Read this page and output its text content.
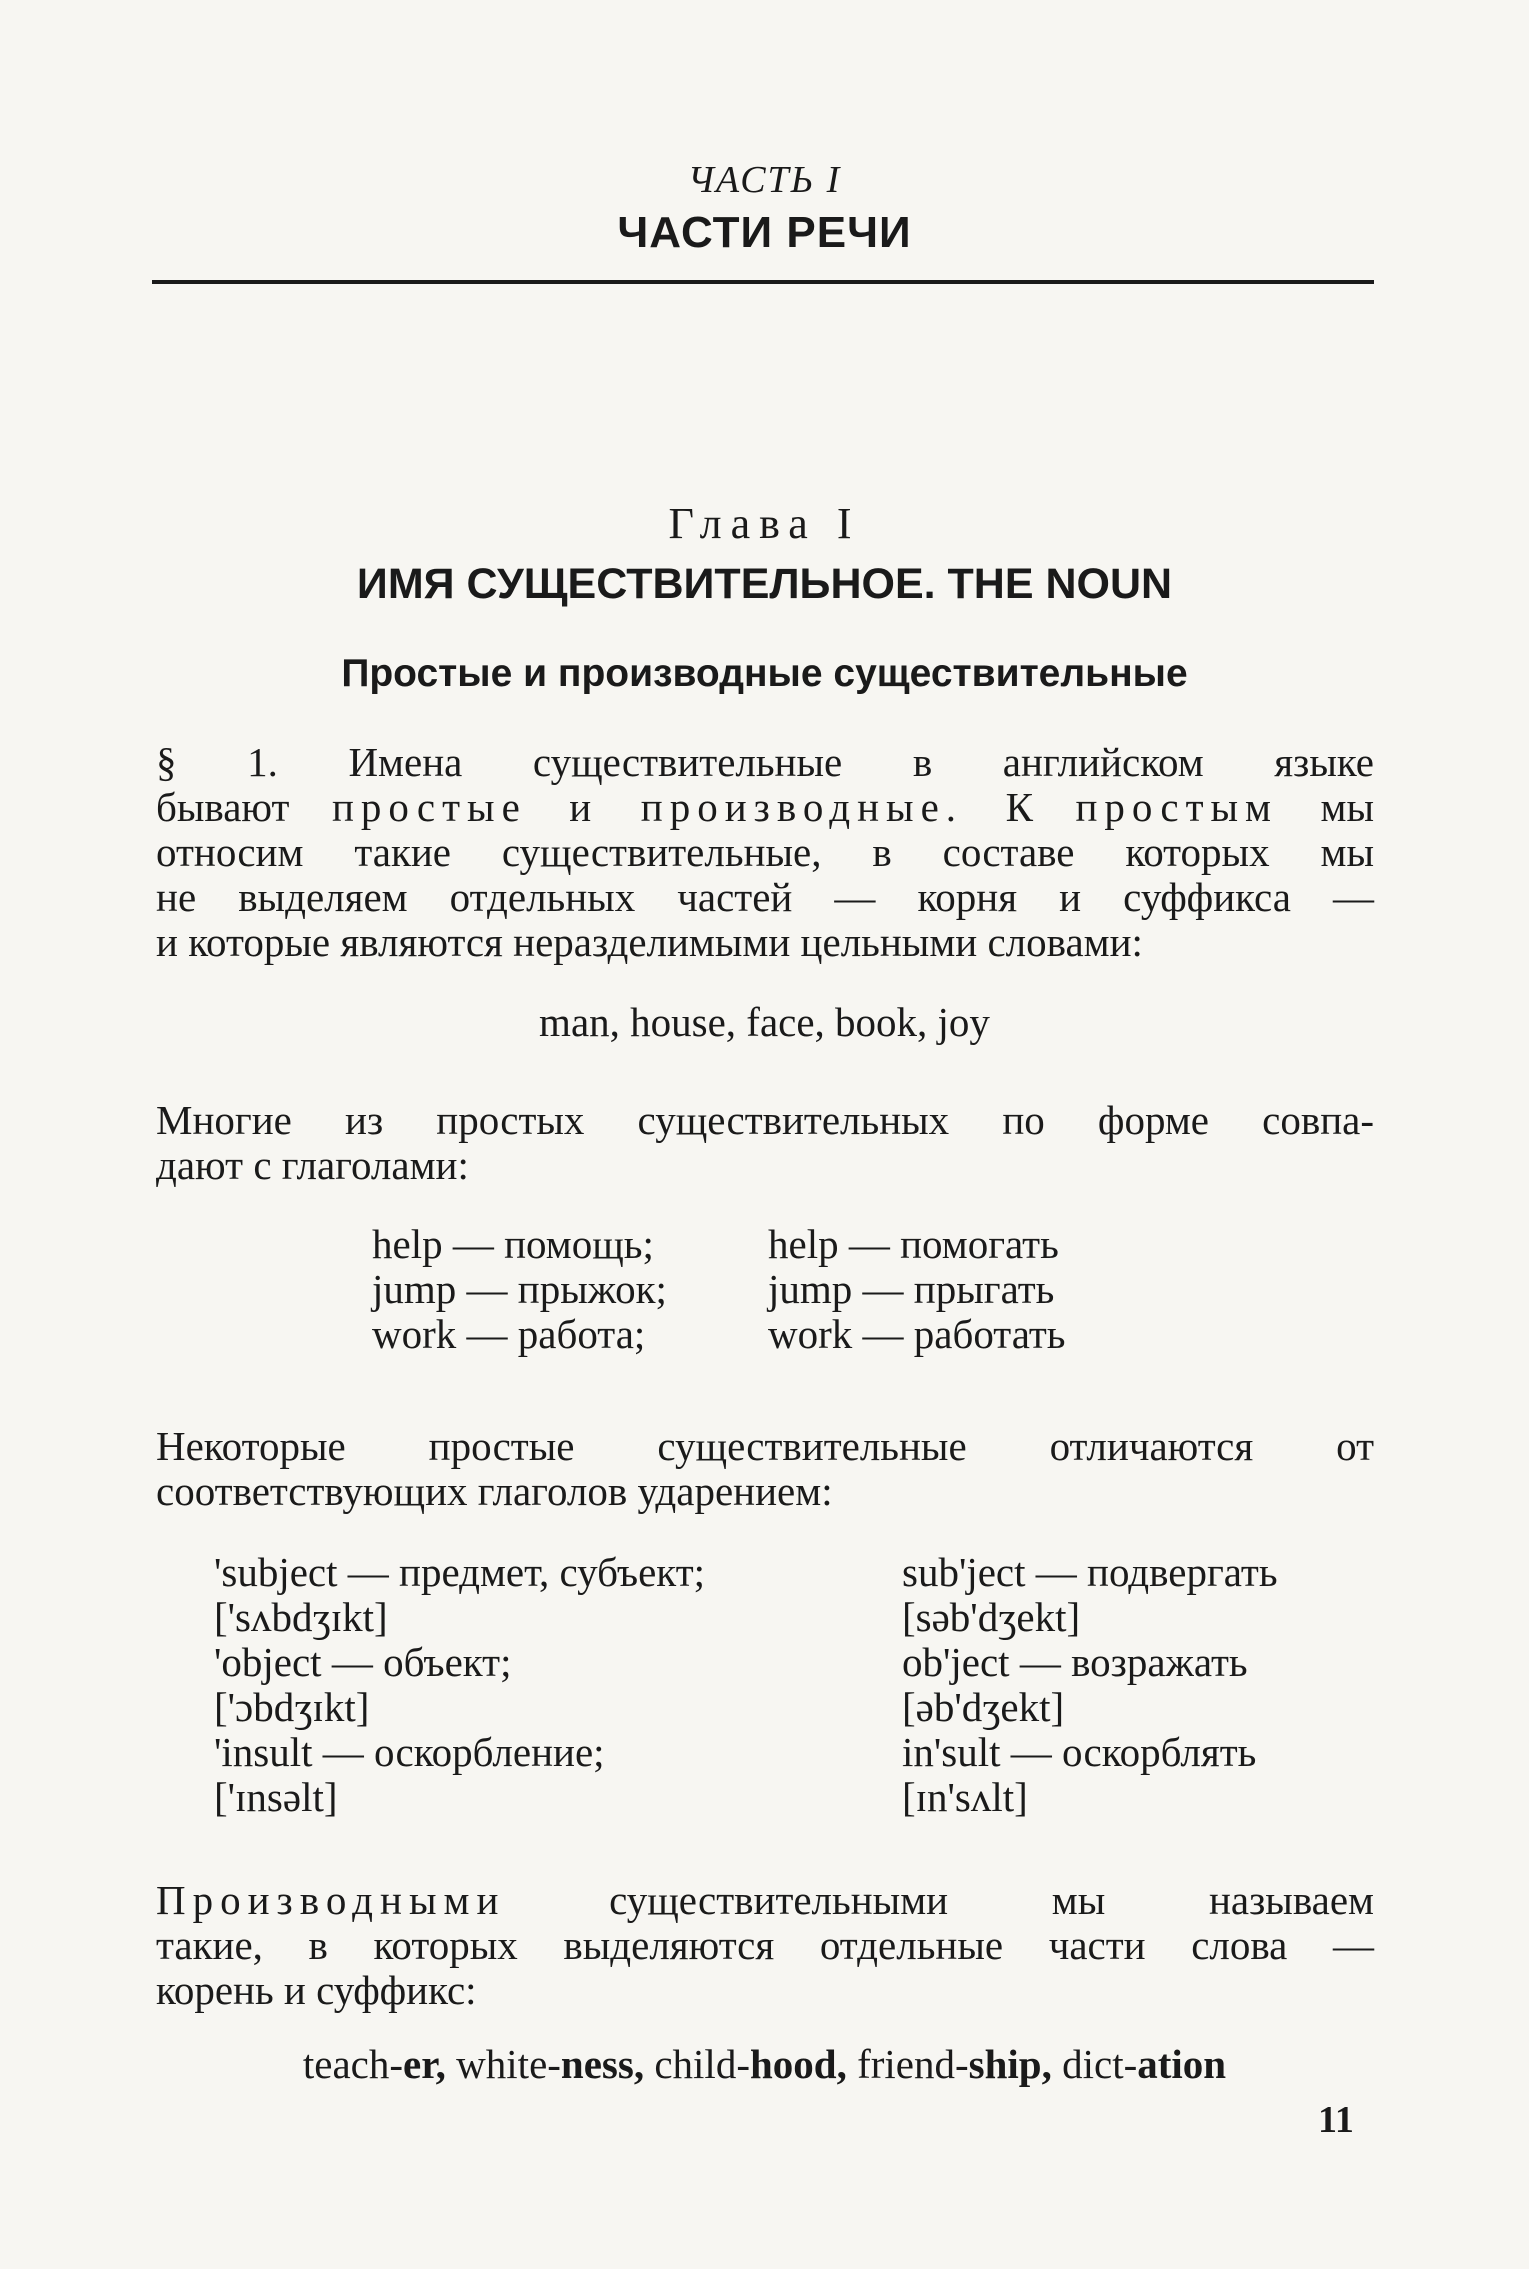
ЧАСТЬ I
ЧАСТИ РЕЧИ
Глава I
ИМЯ СУЩЕСТВИТЕЛЬНОЕ. THE NOUN
Простые и производные существительные
§ 1. Имена существительные в английском языке
бывают простые и производные. К простым мы
относим такие существительные, в составе которых мы
не выделяем отдельных частей — корня и суффикса —
и которые являются неразделимыми цельными словами:
man, house, face, book, joy
Многие из простых существительных по форме совпа-
дают с глаголами:
help — помощь;
jump — прыжок;
work — работа;
help — помогать
jump — прыгать
work — работать
Некоторые простые существительные отличаются от
соответствующих глаголов ударением:
'subject — предмет, субъект;
['sʌbdʒɪkt]
'object — объект;
['ɔbdʒɪkt]
'insult — оскорбление;
['ɪnsəlt]
sub'ject — подвергать
[səb'dʒekt]
ob'ject — возражать
[əb'dʒekt]
in'sult — оскорблять
[ɪn'sʌlt]
Производными	существительными мы называем
такие, в которых выделяются отдельные части слова —
корень и суффикс:
teach-er, white-ness, child-hood, friend-ship, dict-ation
11
